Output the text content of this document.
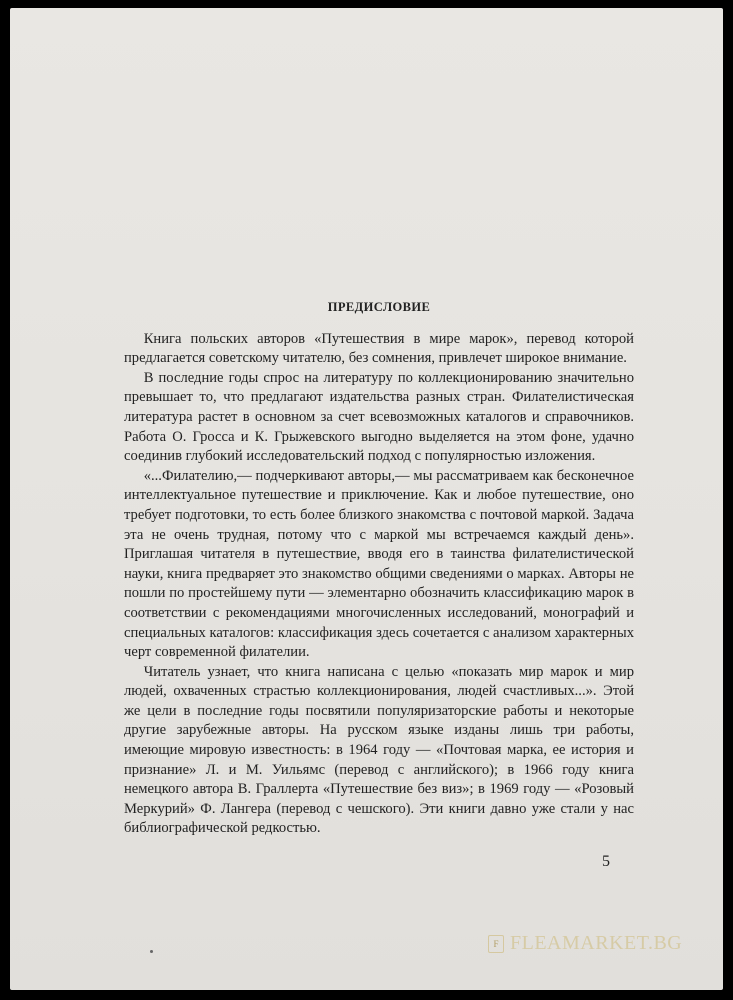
ПРЕДИСЛОВИЕ

Книга польских авторов «Путешествия в мире марок», перевод которой предлагается советскому читателю, без сомнения, привлечет широкое внимание.

В последние годы спрос на литературу по коллекционированию значительно превышает то, что предлагают издательства разных стран. Филателистическая литература растет в основном за счет всевозможных каталогов и справочников. Работа О. Гросса и К. Грыжевского выгодно выделяется на этом фоне, удачно соединив глубокий исследовательский подход с популярностью изложения.

«...Филателию,— подчеркивают авторы,— мы рассматриваем как бесконечное интеллектуальное путешествие и приключение. Как и любое путешествие, оно требует подготовки, то есть более близкого знакомства с почтовой маркой. Задача эта не очень трудная, потому что с маркой мы встречаемся каждый день». Приглашая читателя в путешествие, вводя его в таинства филателистической науки, книга предваряет это знакомство общими сведениями о марках. Авторы не пошли по простейшему пути — элементарно обозначить классификацию марок в соответствии с рекомендациями многочисленных исследований, монографий и специальных каталогов: классификация здесь сочетается с анализом характерных черт современной филателии.

Читатель узнает, что книга написана с целью «показать мир марок и мир людей, охваченных страстью коллекционирования, людей счастливых...». Этой же цели в последние годы посвятили популяризаторские работы и некоторые другие зарубежные авторы. На русском языке изданы лишь три работы, имеющие мировую известность: в 1964 году — «Почтовая марка, ее история и признание» Л. и М. Уильямс (перевод с английского); в 1966 году книга немецкого автора В. Граллерта «Путешествие без виз»; в 1969 году — «Розовый Меркурий» Ф. Лангера (перевод с чешского). Эти книги давно уже стали у нас библиографической редкостью.

5
F FLEAMARKET.BG
